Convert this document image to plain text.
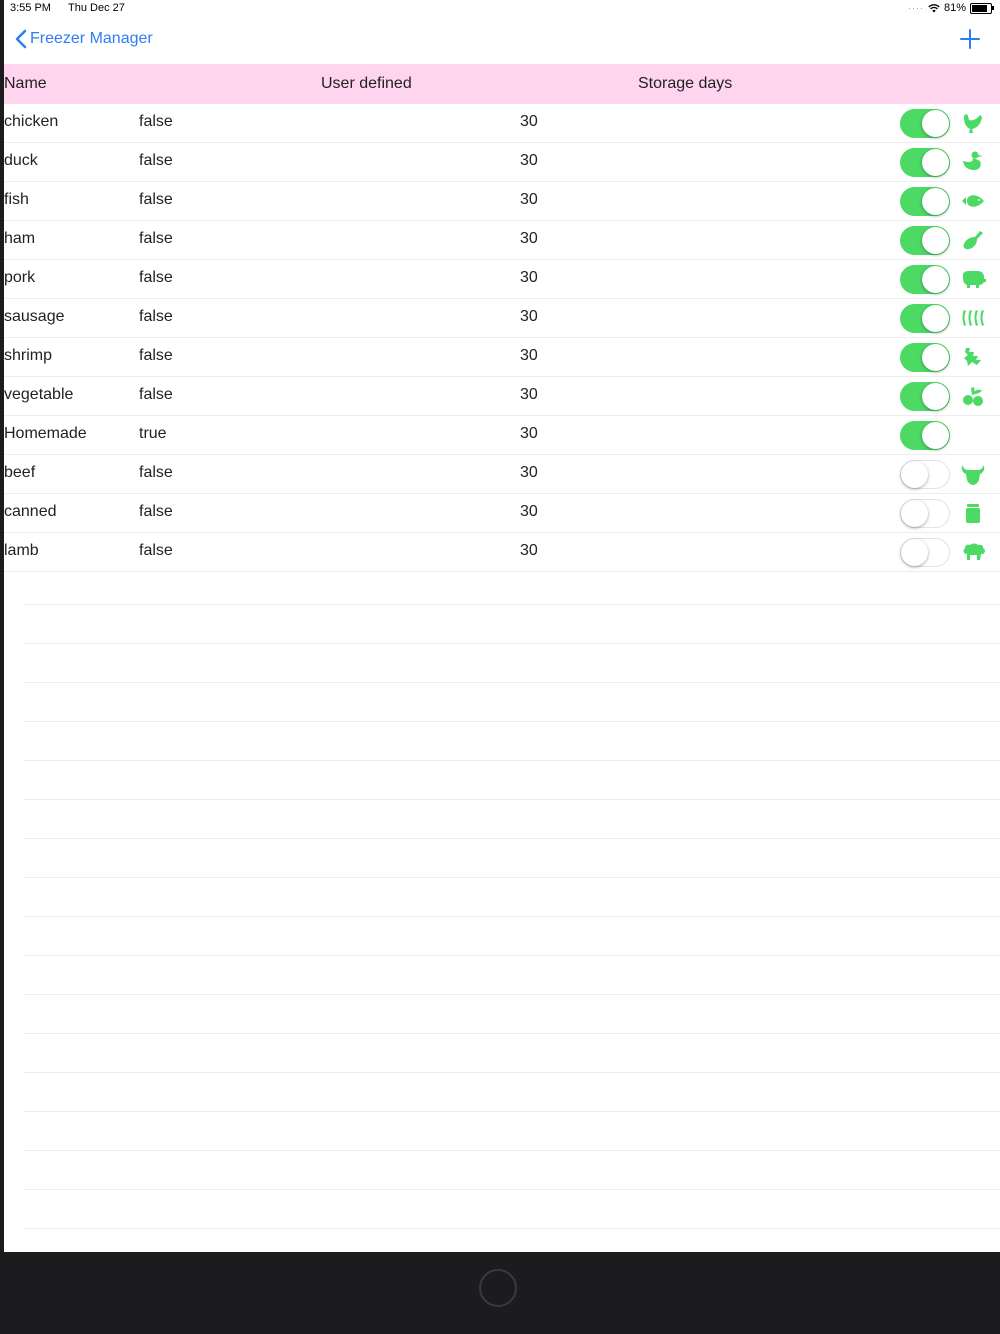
3:55 PM Thu Dec 27	···· 81%
Freezer Manager
Name	User defined	Storage days
chicken	false	30
duck	false	30
fish	false	30
ham	false	30
pork	false	30
sausage	false	30
shrimp	false	30
vegetable	false	30
Homemade	true	30
beef	false	30
canned	false	30
lamb	false	30
